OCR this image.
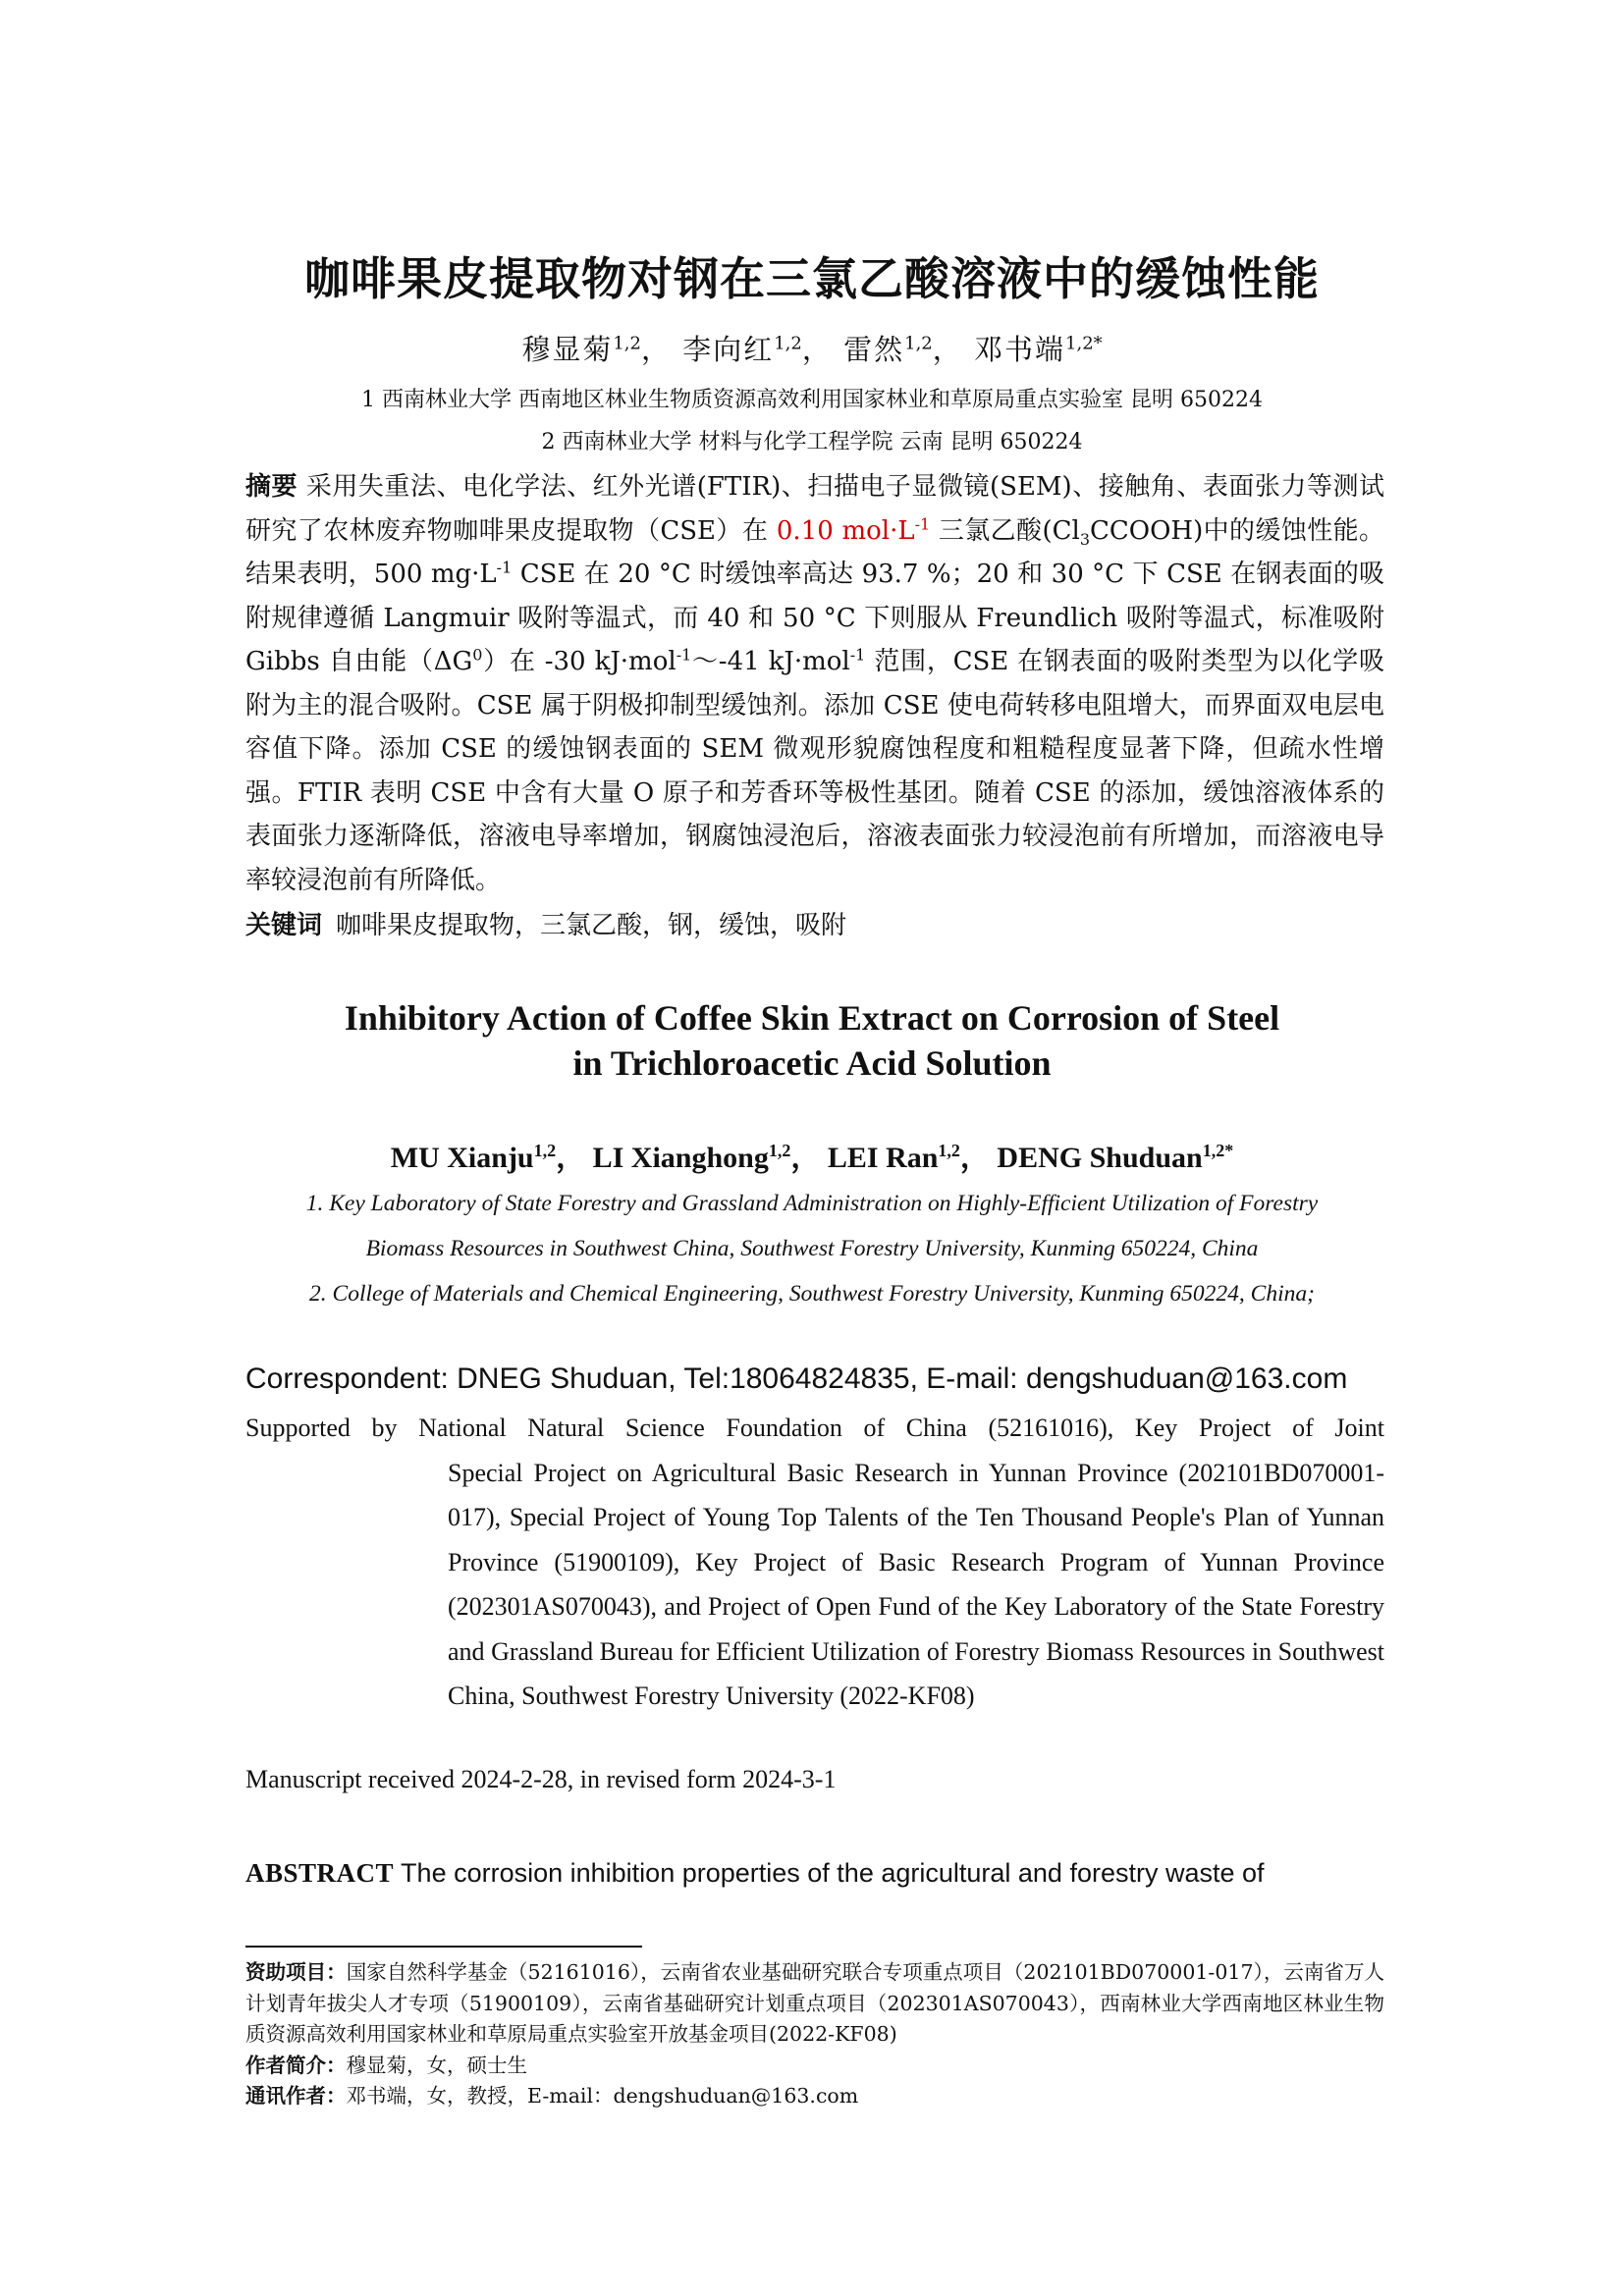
咖啡果皮提取物对钢在三氯乙酸溶液中的缓蚀性能
穆显菊$^{1,2}$， 李向红$^{1,2}$， 雷然$^{1,2}$， 邓书端$^{1,2*}$
1 西南林业大学 西南地区林业生物质资源高效利用国家林业和草原局重点实验室 昆明 650224
2 西南林业大学 材料与化学工程学院 云南 昆明 650224
摘要 采用失重法、电化学法、红外光谱(FTIR)、扫描电子显微镜(SEM)、接触角、表面张力等测试研究了农林废弃物咖啡果皮提取物（CSE）在 0.10 $mol\cdot L^{-1}$ 三氯乙酸$(Cl_3CCOOH)$中的缓蚀性能。结果表明，500 $mg\cdot L^{-1}$ CSE 在 20 °C 时缓蚀率高达 93.7 %；20 和 30 °C 下 CSE 在钢表面的吸附规律遵循 Langmuir 吸附等温式，而 40 和 50 °C 下则服从 Freundlich 吸附等温式，标准吸附 Gibbs 自由能$(\Delta G^0)$在 -30 kJ·mol$^{-1}$～-41 kJ·mol$^{-1}$ 范围，CSE 在钢表面的吸附类型为以化学吸附为主的混合吸附。CSE 属于阴极抑制型缓蚀剂。添加 CSE 使电荷转移电阻增大，而界面双电层电容值下降。添加 CSE 的缓蚀钢表面的 SEM 微观形貌腐蚀程度和粗糙程度显著下降，但疏水性增强。FTIR 表明 CSE 中含有大量 O 原子和芳香环等极性基团。随着 CSE 的添加，缓蚀溶液体系的表面张力逐渐降低，溶液电导率增加，钢腐蚀浸泡后，溶液表面张力较浸泡前有所增加，而溶液电导率较浸泡前有所降低。
关键词 咖啡果皮提取物，三氯乙酸，钢，缓蚀，吸附
Inhibitory Action of Coffee Skin Extract on Corrosion of Steel
in Trichloroacetic Acid Solution
MU Xianju$^{1,2}$， LI Xianghong$^{1,2}$， LEI Ran$^{1,2}$， DENG Shuduan$^{1,2*}$
1. Key Laboratory of State Forestry and Grassland Administration on Highly-Efficient Utilization of Forestry
Biomass Resources in Southwest China, Southwest Forestry University, Kunming 650224, China
2. College of Materials and Chemical Engineering, Southwest Forestry University, Kunming 650224, China;
Correspondent: DNEG Shuduan, Tel:18064824835, E-mail: dengshuduan@163.com
Supported by National Natural Science Foundation of China (52161016), Key Project of Joint
Special Project on Agricultural Basic Research in Yunnan Province (202101BD070001-017), Special Project of Young Top Talents of the Ten Thousand People's Plan of Yunnan Province (51900109), Key Project of Basic Research Program of Yunnan Province (202301AS070043), and Project of Open Fund of the Key Laboratory of the State Forestry and Grassland Bureau for Efficient Utilization of Forestry Biomass Resources in Southwest China, Southwest Forestry University (2022-KF08)
Manuscript received 2024-2-28, in revised form 2024-3-1
ABSTRACT The corrosion inhibition properties of the agricultural and forestry waste of

资助项目：国家自然科学基金（52161016），云南省农业基础研究联合专项重点项目（202101BD070001-017），云南省万人计划青年拔尖人才专项（51900109），云南省基础研究计划重点项目（202301AS070043），西南林业大学西南地区林业生物质资源高效利用国家林业和草原局重点实验室开放基金项目(2022-KF08)

作者简介：穆显菊，女，硕士生

通讯作者：邓书端，女，教授，E-mail：dengshuduan@163.com
